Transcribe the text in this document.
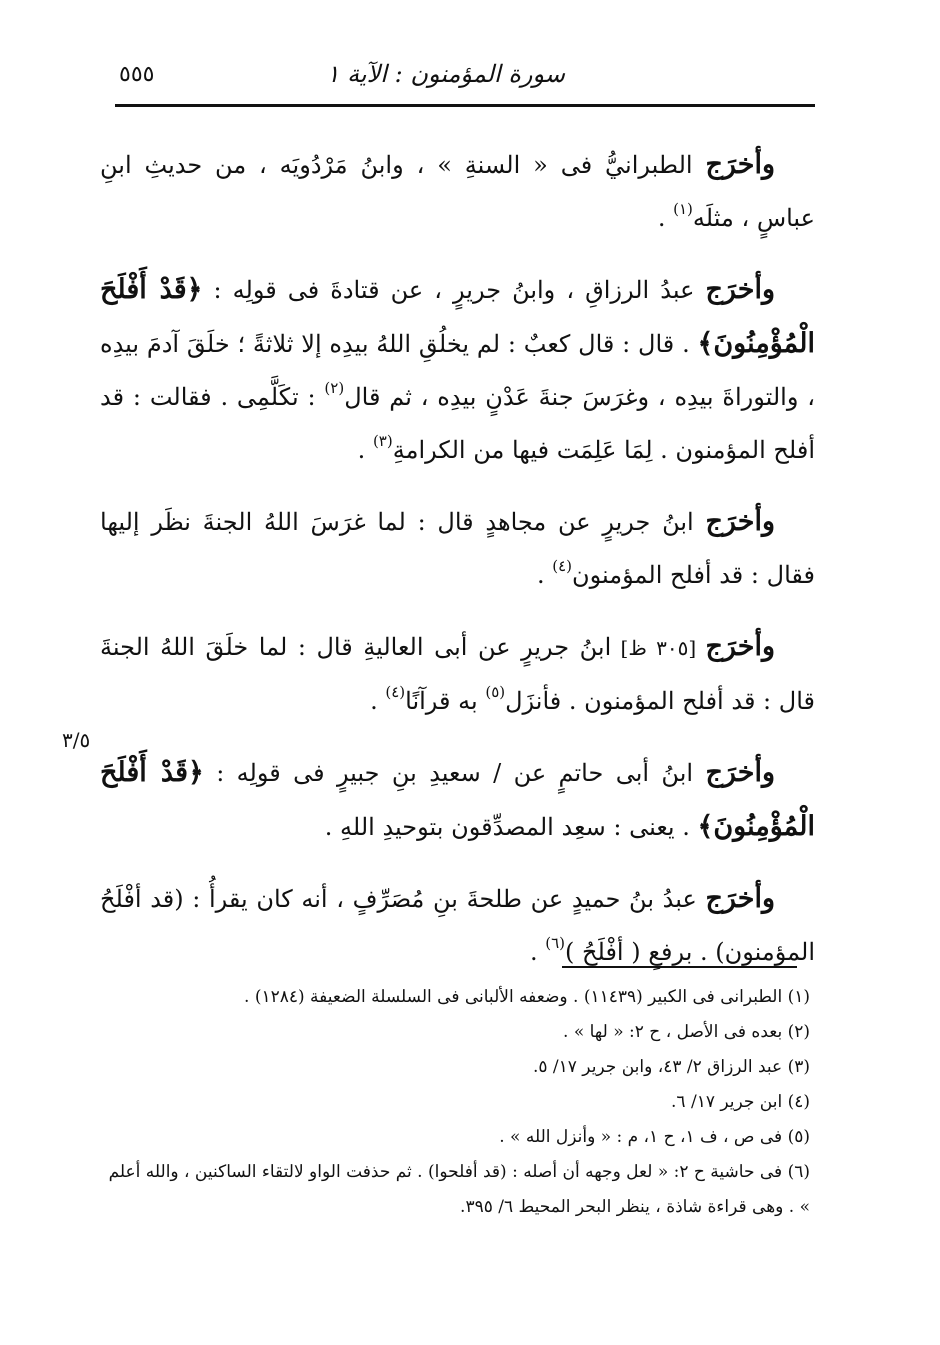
٥٥٥	سورة المؤمنون : الآية ١

وأخرَج الطبرانيُّ فى « السنةِ » ، وابنُ مَرْدُويَه ، من حديثِ ابنِ عباسٍ ، مثلَه$^{(١)}$ .

وأخرَج عبدُ الرزاقِ ، وابنُ جريرٍ ، عن قتادةَ فى قولِه : ﴿قَدْ أَفْلَحَ الْمُؤْمِنُونَ﴾ . قال : قال كعبٌ : لم يخلُقِ اللهُ بيدِه إلا ثلاثةً ؛ خلَقَ آدمَ بيدِه ، والتوراةَ بيدِه ، وغرَسَ جنةَ عَدْنٍ بيدِه ، ثم قال$^{(٢)}$ : تكَلَّمِى . فقالت : قد أفلح المؤمنون . لِمَا عَلِمَت فيها من الكرامةِ$^{(٣)}$ .

وأخرَج ابنُ جريرٍ عن مجاهدٍ قال : لما غرَسَ اللهُ الجنةَ نظَر إليها فقال : قد أفلح المؤمنون$^{(٤)}$ .

وأخرَج [٣٠٥ ظ] ابنُ جريرٍ عن أبى العاليةِ قال : لما خلَقَ اللهُ الجنةَ قال : قد أفلح المؤمنون . فأنزَل$^{(٥)}$ به قرآنًا$^{(٤)}$ .

وأخرَج ابنُ أبى حاتمٍ عن / سعيدِ بنِ جبيرٍ فى قولِه : ﴿قَدْ أَفْلَحَ الْمُؤْمِنُونَ﴾ . يعنى : سعِد المصدِّقون بتوحيدِ اللهِ .

وأخرَج عبدُ بنُ حميدٍ عن طلحةَ بنِ مُصَرِّفٍ ، أنه كان يقرأُ : (قد أفْلَحُ المؤمنون) . برفعِ ( أفْلَحُ )$^{(٦)}$ .

٣/٥

(١) الطبرانى فى الكبير (١١٤٣٩) . وضعفه الألبانى فى السلسلة الضعيفة (١٢٨٤) .

(٢) بعده فى الأصل ، ح ٢: « لها » .

(٣) عبد الرزاق ٢/ ٤٣، وابن جرير ١٧/ ٥.

(٤) ابن جرير ١٧/ ٦.

(٥) فى ص ، ف ١، ح ١، م : « وأنزل الله » .

(٦) فى حاشية ح ٢: « لعل وجهه أن أصله : (قد أفلحوا) . ثم حذفت الواو لالتقاء الساكنين ، والله أعلم » . وهى قراءة شاذة ، ينظر البحر المحيط ٦/ ٣٩٥.
